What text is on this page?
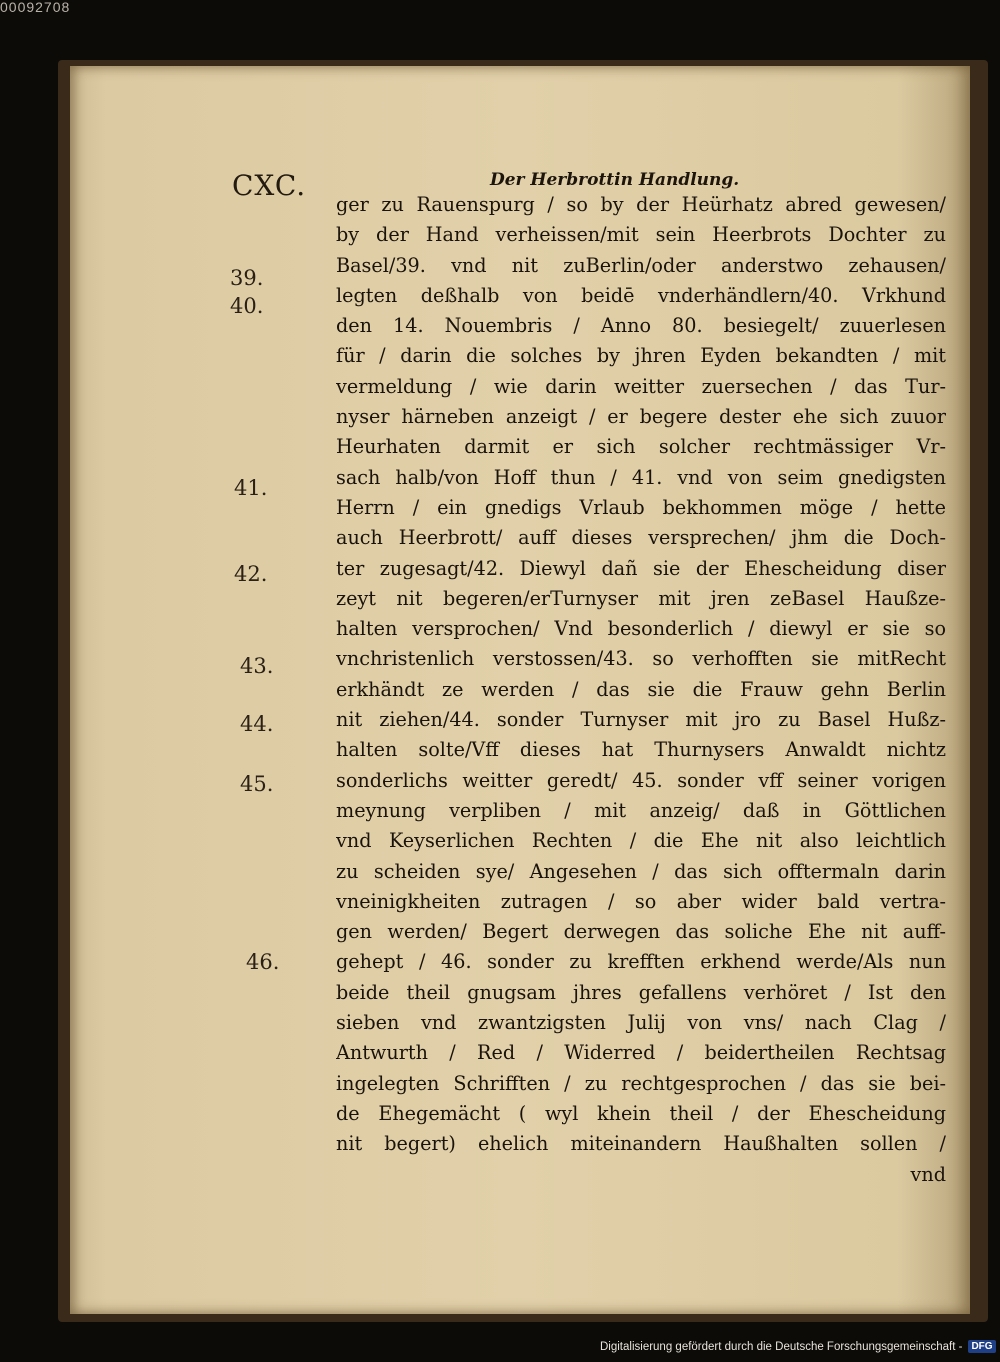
00092708

CXC.	Der Herbrottin Handlung.

39.

40.

41.

42.

43.

44.

45.

46.

ger zu Rauenspurg / so by der Heürhatz abred gewesen/
by der Hand verheissen/mit sein Heerbrots Dochter zu
Basel/39. vnd nit zuBerlin/oder anderstwo zehausen/
legten deßhalb von beidē vnderhändlern/40. Vrkhund
den 14. Nouembris / Anno 80. besiegelt/ zuuerlesen
für / darin die solches by jhren Eyden bekandten / mit
vermeldung / wie darin weitter zuersechen / das Tur-
nyser härneben anzeigt / er begere dester ehe sich zuuor
Heurhaten darmit er sich solcher rechtmässiger Vr-
sach halb/von Hoff thun / 41. vnd von seim gnedigsten
Herrn / ein gnedigs Vrlaub bekhommen möge / hette
auch Heerbrott/ auff dieses versprechen/ jhm die Doch-
ter zugesagt/42. Diewyl dañ sie der Ehescheidung diser
zeyt nit begeren/erTurnyser mit jren zeBasel Haußze-
halten versprochen/ Vnd besonderlich / diewyl er sie so
vnchristenlich verstossen/43. so verhofften sie mitRecht
erkhändt ze werden / das sie die Frauw gehn Berlin
nit ziehen/44. sonder Turnyser mit jro zu Basel Hußz-
halten solte/Vff dieses hat Thurnysers Anwaldt nichtz
sonderlichs weitter geredt/ 45. sonder vff seiner vorigen
meynung verpliben / mit anzeig/ daß in Göttlichen
vnd Keyserlichen Rechten / die Ehe nit also leichtlich
zu scheiden sye/ Angesehen / das sich offtermaln darin
vneinigkheiten zutragen / so aber wider bald vertra-
gen werden/ Begert derwegen das soliche Ehe nit auff-
gehept / 46. sonder zu krefften erkhend werde/Als nun
beide theil gnugsam jhres gefallens verhöret / Ist den
sieben vnd zwantzigsten Julij von vns/ nach Clag /
Antwurth / Red / Widerred / beidertheilen Rechtsag
ingelegten Schrifften / zu rechtgesprochen / das sie bei-
de Ehegemächt ( wyl khein theil / der Ehescheidung
nit begert) ehelich miteinandern Haußhalten sollen /
vnd
Digitalisierung gefördert durch die Deutsche Forschungsgemeinschaft - DFG
